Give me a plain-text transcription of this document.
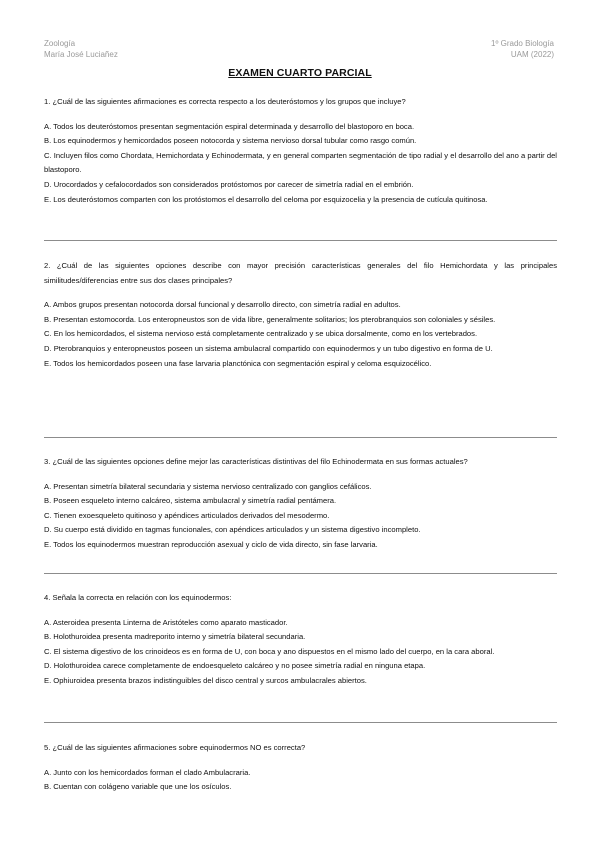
Zoología
María José Luciañez
1º Grado Biología
UAM (2022)
EXAMEN CUARTO PARCIAL

1. ¿Cuál de las siguientes afirmaciones es correcta respecto a los deuteróstomos y los grupos que incluye?

A. Todos los deuteróstomos presentan segmentación espiral determinada y desarrollo del blastoporo en boca.

B. Los equinodermos y hemicordados poseen notocorda y sistema nervioso dorsal tubular como rasgo común.

C. Incluyen filos como Chordata, Hemichordata y Echinodermata, y en general comparten segmentación de tipo radial y el desarrollo del ano a partir del blastoporo.

D. Urocordados y cefalocordados son considerados protóstomos por carecer de simetría radial en el embrión.

E. Los deuteróstomos comparten con los protóstomos el desarrollo del celoma por esquizocelia y la presencia de cutícula quitinosa.

2. ¿Cuál de las siguientes opciones describe con mayor precisión características generales del filo Hemichordata y las principales similitudes/diferencias entre sus dos clases principales?

A. Ambos grupos presentan notocorda dorsal funcional y desarrollo directo, con simetría radial en adultos.

B. Presentan estomocorda. Los enteropneustos son de vida libre, generalmente solitarios; los pterobranquios son coloniales y sésiles.

C. En los hemicordados, el sistema nervioso está completamente centralizado y se ubica dorsalmente, como en los vertebrados.

D. Pterobranquios y enteropneustos poseen un sistema ambulacral compartido con equinodermos y un tubo digestivo en forma de U.

E. Todos los hemicordados poseen una fase larvaria planctónica con segmentación espiral y celoma esquizocélico.

3. ¿Cuál de las siguientes opciones define mejor las características distintivas del filo Echinodermata en sus formas actuales?

A. Presentan simetría bilateral secundaria y sistema nervioso centralizado con ganglios cefálicos.

B. Poseen esqueleto interno calcáreo, sistema ambulacral y simetría radial pentámera.

C. Tienen exoesqueleto quitinoso y apéndices articulados derivados del mesodermo.

D. Su cuerpo está dividido en tagmas funcionales, con apéndices articulados y un sistema digestivo incompleto.

E. Todos los equinodermos muestran reproducción asexual y ciclo de vida directo, sin fase larvaria.

4. Señala la correcta en relación con los equinodermos:

A. Asteroidea presenta Linterna de Aristóteles como aparato masticador.

B. Holothuroidea presenta madreporito interno y simetría bilateral secundaria.

C. El sistema digestivo de los crinoideos es en forma de U, con boca y ano dispuestos en el mismo lado del cuerpo, en la cara aboral.

D. Holothuroidea carece completamente de endoesqueleto calcáreo y no posee simetría radial en ninguna etapa.

E. Ophiuroidea presenta brazos indistinguibles del disco central y surcos ambulacrales abiertos.

5. ¿Cuál de las siguientes afirmaciones sobre equinodermos NO es correcta?

A. Junto con los hemicordados forman el clado Ambulacraria.

B. Cuentan con colágeno variable que une los osículos.
